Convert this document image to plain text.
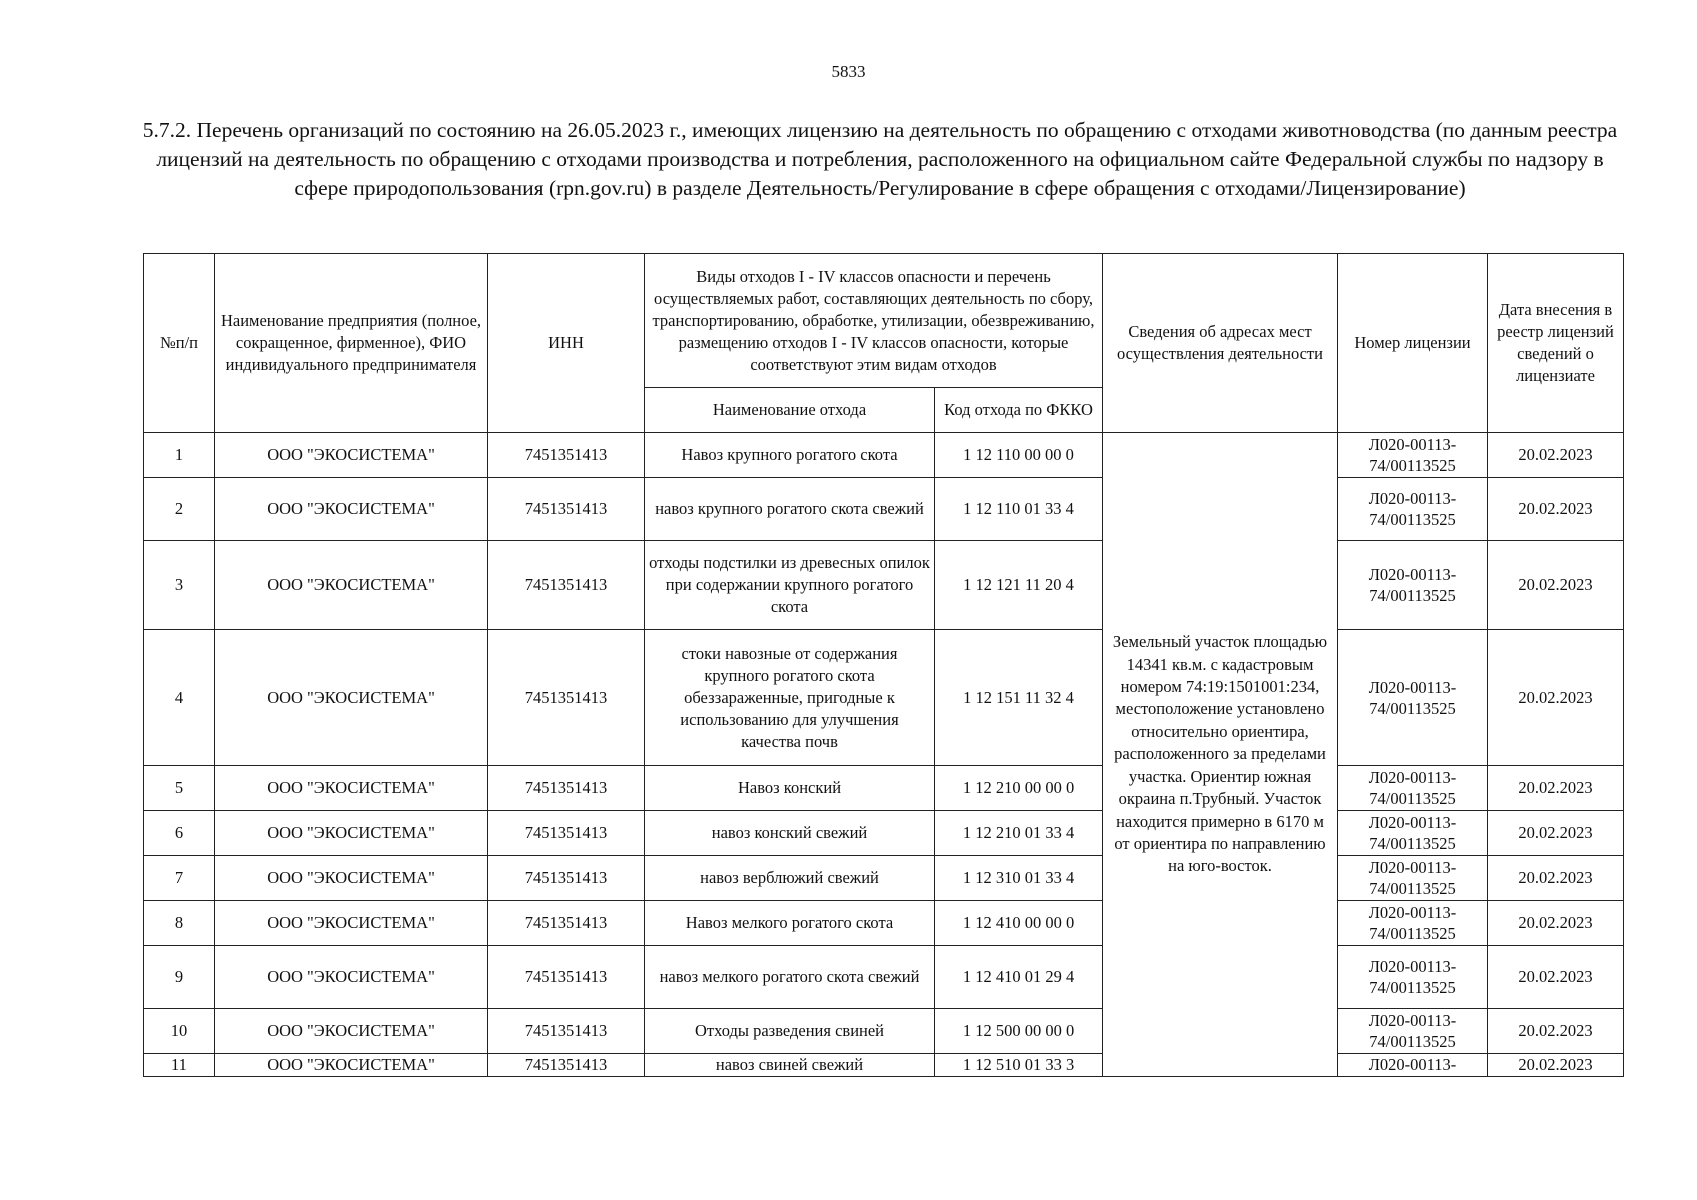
5833
5.7.2. Перечень организаций по состоянию на 26.05.2023 г., имеющих лицензию на деятельность по обращению с отходами животноводства (по данным реестра лицензий на деятельность по обращению с отходами производства и потребления, расположенного на официальном сайте Федеральной службы по надзору в сфере природопользования (rpn.gov.ru) в разделе Деятельность/Регулирование в сфере обращения с отходами/Лицензирование)
№п/п	Наименование предприятия (полное, сокращенное, фирменное), ФИО индивидуального предпринимателя	ИНН	Виды отходов I - IV классов опасности и перечень осуществляемых работ, составляющих деятельность по сбору, транспортированию, обработке, утилизации, обезвреживанию, размещению отходов I - IV классов опасности, которые соответствуют этим видам отходов		Сведения об адресах мест осуществления деятельности	Номер лицензии	Дата внесения в реестр лицензий сведений о лицензиате
			Наименование отхода	Код отхода по ФККО			
1	ООО "ЭКОСИСТЕМА"	7451351413	Навоз крупного рогатого скота	1 12 110 00 00 0	Земельный участок площадью 14341 кв.м. с кадастровым номером 74:19:1501001:234, местоположение установлено относительно ориентира, расположенного за пределами участка. Ориентир южная окраина п.Трубный. Участок находится примерно в 6170 м от ориентира по направлению на юго-восток.	Л020-00113-74/00113525	20.02.2023
2	ООО "ЭКОСИСТЕМА"	7451351413	навоз крупного рогатого скота свежий	1 12 110 01 33 4		Л020-00113-74/00113525	20.02.2023
3	ООО "ЭКОСИСТЕМА"	7451351413	отходы подстилки из древесных опилок при содержании крупного рогатого скота	1 12 121 11 20 4		Л020-00113-74/00113525	20.02.2023
4	ООО "ЭКОСИСТЕМА"	7451351413	стоки навозные от содержания крупного рогатого скота обеззараженные, пригодные к использованию для улучшения качества почв	1 12 151 11 32 4		Л020-00113-74/00113525	20.02.2023
5	ООО "ЭКОСИСТЕМА"	7451351413	Навоз конский	1 12 210 00 00 0		Л020-00113-74/00113525	20.02.2023
6	ООО "ЭКОСИСТЕМА"	7451351413	навоз конский свежий	1 12 210 01 33 4		Л020-00113-74/00113525	20.02.2023
7	ООО "ЭКОСИСТЕМА"	7451351413	навоз верблюжий свежий	1 12 310 01 33 4		Л020-00113-74/00113525	20.02.2023
8	ООО "ЭКОСИСТЕМА"	7451351413	Навоз мелкого рогатого скота	1 12 410 00 00 0		Л020-00113-74/00113525	20.02.2023
9	ООО "ЭКОСИСТЕМА"	7451351413	навоз мелкого рогатого скота свежий	1 12 410 01 29 4		Л020-00113-74/00113525	20.02.2023
10	ООО "ЭКОСИСТЕМА"	7451351413	Отходы разведения свиней	1 12 500 00 00 0		Л020-00113-74/00113525	20.02.2023
11	ООО "ЭКОСИСТЕМА"	7451351413	навоз свиней свежий	1 12 510 01 33 3		Л020-00113-	20.02.2023
